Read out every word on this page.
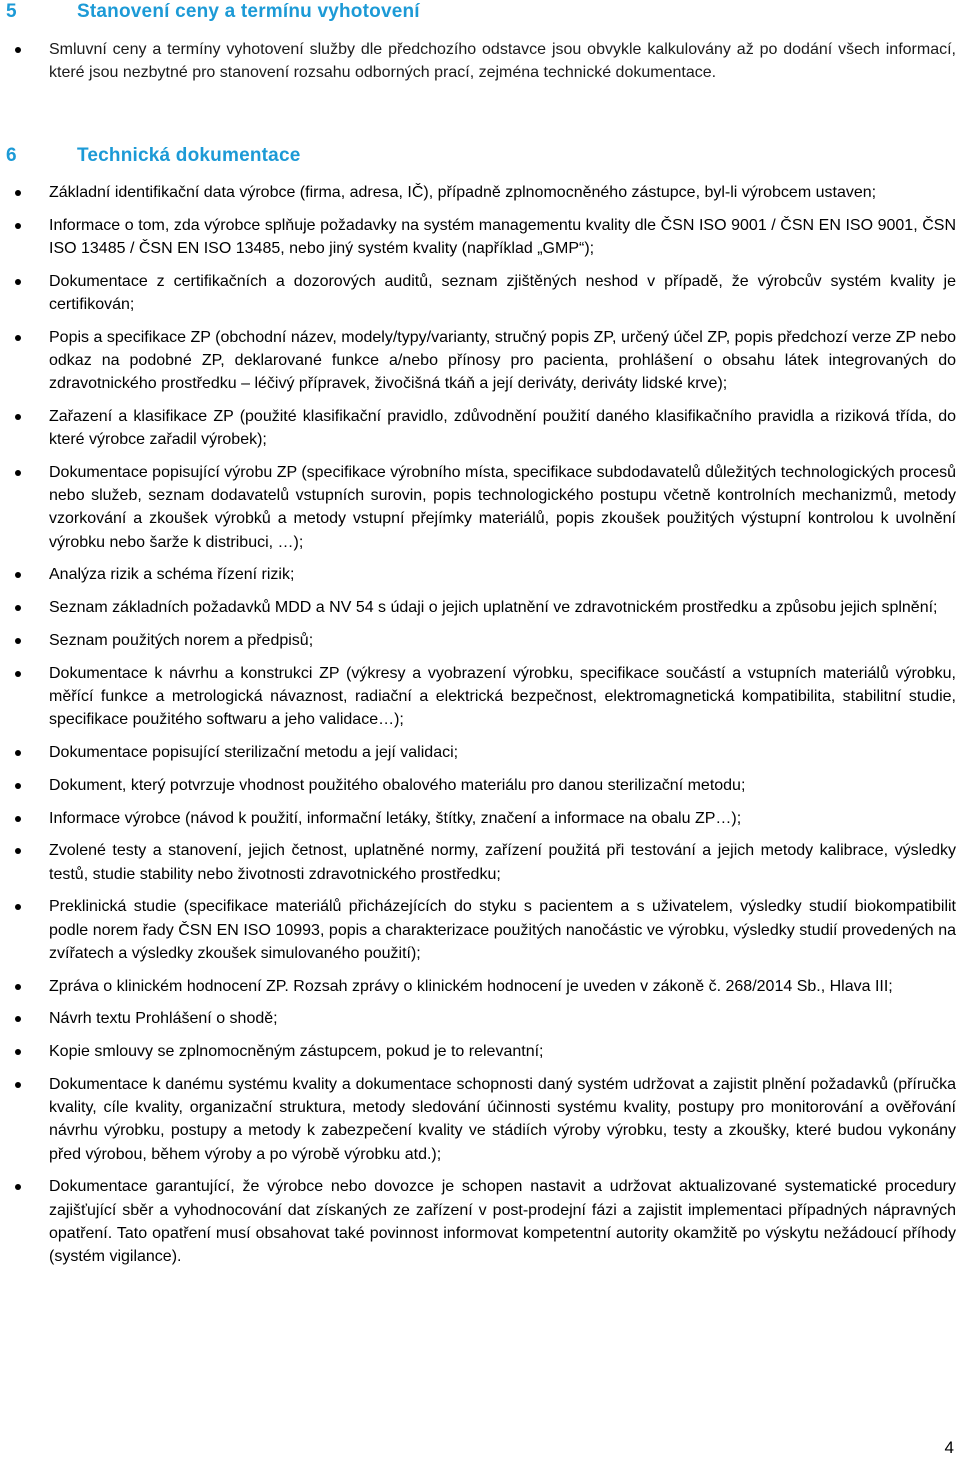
5	Stanovení ceny a termínu vyhotovení
Smluvní ceny a termíny vyhotovení služby dle předchozího odstavce jsou obvykle kalkulovány až po dodání všech informací, které jsou nezbytné pro stanovení rozsahu odborných prací, zejména technické dokumentace.
6	Technická dokumentace
Základní identifikační data výrobce (firma, adresa, IČ), případně zplnomocněného zástupce, byl-li výrobcem ustaven;
Informace o tom, zda výrobce splňuje požadavky na systém managementu kvality dle ČSN ISO 9001 / ČSN EN ISO 9001, ČSN ISO 13485 / ČSN EN ISO 13485, nebo jiný systém kvality (například „GMP“);
Dokumentace z certifikačních a dozorových auditů, seznam zjištěných neshod v případě, že výrobcův systém kvality je certifikován;
Popis a specifikace ZP (obchodní název, modely/typy/varianty, stručný popis ZP, určený účel ZP, popis předchozí verze ZP nebo odkaz na podobné ZP, deklarované funkce a/nebo přínosy pro pacienta, prohlášení o obsahu látek integrovaných do zdravotnického prostředku – léčivý přípravek, živočišná tkáň a její deriváty, deriváty lidské krve);
Zařazení a klasifikace ZP (použité klasifikační pravidlo, zdůvodnění použití daného klasifikačního pravidla a riziková třída, do které výrobce zařadil výrobek);
Dokumentace popisující výrobu ZP (specifikace výrobního místa, specifikace subdodavatelů důležitých technologických procesů nebo služeb, seznam dodavatelů vstupních surovin, popis technologického postupu včetně kontrolních mechanizmů, metody vzorkování a zkoušek výrobků a metody vstupní přejímky materiálů, popis zkoušek použitých výstupní kontrolou k uvolnění výrobku nebo šarže k distribuci, …);
Analýza rizik a schéma řízení rizik;
Seznam základních požadavků MDD a NV 54 s údaji o jejich uplatnění ve zdravotnickém prostředku a způsobu jejich splnění;
Seznam použitých norem a předpisů;
Dokumentace k návrhu a konstrukci ZP (výkresy a vyobrazení výrobku, specifikace součástí a vstupních materiálů výrobku, měřící funkce a metrologická návaznost, radiační a elektrická bezpečnost, elektromagnetická kompatibilita, stabilitní studie, specifikace použitého softwaru a jeho validace…);
Dokumentace popisující sterilizační metodu a její validaci;
Dokument, který potvrzuje vhodnost použitého obalového materiálu pro danou sterilizační metodu;
Informace výrobce (návod k použití, informační letáky, štítky, značení a informace na obalu ZP…);
Zvolené testy a stanovení, jejich četnost, uplatněné normy, zařízení použitá při testování a jejich metody kalibrace, výsledky testů, studie stability nebo životnosti zdravotnického prostředku;
Preklinická studie (specifikace materiálů přicházejících do styku s pacientem a s uživatelem, výsledky studií biokompatibilit podle norem řady ČSN EN ISO 10993, popis a charakterizace použitých nanočástic ve výrobku, výsledky studií provedených na zvířatech a výsledky zkoušek simulovaného použití);
Zpráva o klinickém hodnocení ZP. Rozsah zprávy o klinickém hodnocení je uveden v zákoně č. 268/2014 Sb., Hlava III;
Návrh textu Prohlášení o shodě;
Kopie smlouvy se zplnomocněným zástupcem, pokud je to relevantní;
Dokumentace k danému systému kvality a dokumentace schopnosti daný systém udržovat a zajistit plnění požadavků (příručka kvality, cíle kvality, organizační struktura, metody sledování účinnosti systému kvality, postupy pro monitorování a ověřování návrhu výrobku, postupy a metody k zabezpečení kvality ve stádiích výroby výrobku, testy a zkoušky, které budou vykonány před výrobou, během výroby a po výrobě výrobku atd.);
Dokumentace garantující, že výrobce nebo dovozce je schopen nastavit a udržovat aktualizované systematické procedury zajišťující sběr a vyhodnocování dat získaných ze zařízení v post-prodejní fázi a zajistit implementaci případných nápravných opatření. Tato opatření musí obsahovat také povinnost informovat kompetentní autority okamžitě po výskytu nežádoucí příhody (systém vigilance).
4
